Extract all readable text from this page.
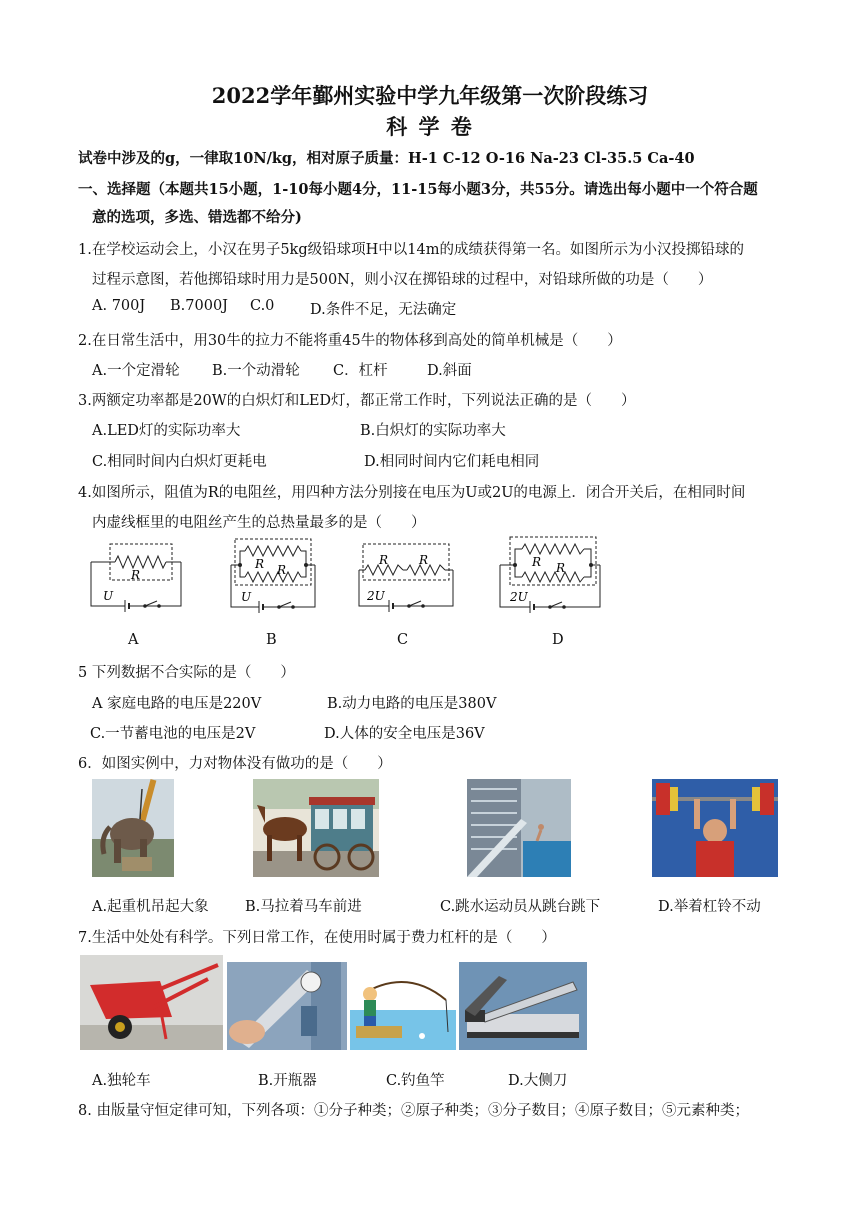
2022学年鄞州实验中学九年级第一次阶段练习
科 学 卷
试卷中涉及的g，一律取10N/kg，相对原子质量：H-1 C-12 O-16 Na-23 Cl-35.5 Ca-40
一、选择题（本题共15小题，1-10每小题4分，11-15每小题3分，共55分。请选出每小题中一个符合题
意的选项，多选、错选都不给分)
1.在学校运动会上，小汉在男子5kg级铅球项H中以14m的成绩获得第一名。如图所示为小汉投掷铅球的
过程示意图，若他掷铅球时用力是500N，则小汉在掷铅球的过程中，对铅球所做的功是（　　）
A. 700J B.7000J C.0 D.条件不足，无法确定
2.在日常生活中，用30牛的拉力不能将重45牛的物体移到高处的简单机械是（　　）
A.一个定滑轮 B.一个动滑轮 C．杠杆	D.斜面
3.两额定功率都是20W的白炽灯和LED灯，都正常工作时，下列说法正确的是（　　）
A.LED灯的实际功率大	B.白炽灯的实际功率大
C.相同时间内白炽灯更耗电	D.相同时间内它们耗电相同
4.如图所示，阻值为R的电阻丝，用四种方法分别接在电压为U或2U的电源上．闭合开关后，在相同时间
内虚线框里的电阻丝产生的总热量最多的是（　　）
R
U
A
R R
U
B
R	R
2U
C
R R
2U
D
5 下列数据不合实际的是（　　）
A 家庭电路的电压是220V	B.动力电路的电压是380V
C.一节蓄电池的电压是2V	D.人体的安全电压是36V
6．如图实例中，力对物体没有做功的是（　　）
A.起重机吊起大象	B.马拉着马车前进	C.跳水运动员从跳台跳下	D.举着杠铃不动
7.生活中处处有科学。下列日常工作，在使用时属于费力杠杆的是（　　）
A.独轮车	B.开瓶器	C.钓鱼竿	D.大侧刀
8. 由版量守恒定律可知，下列各项：①分子种类；②原子种类；③分子数目；④原子数目；⑤元素种类；
